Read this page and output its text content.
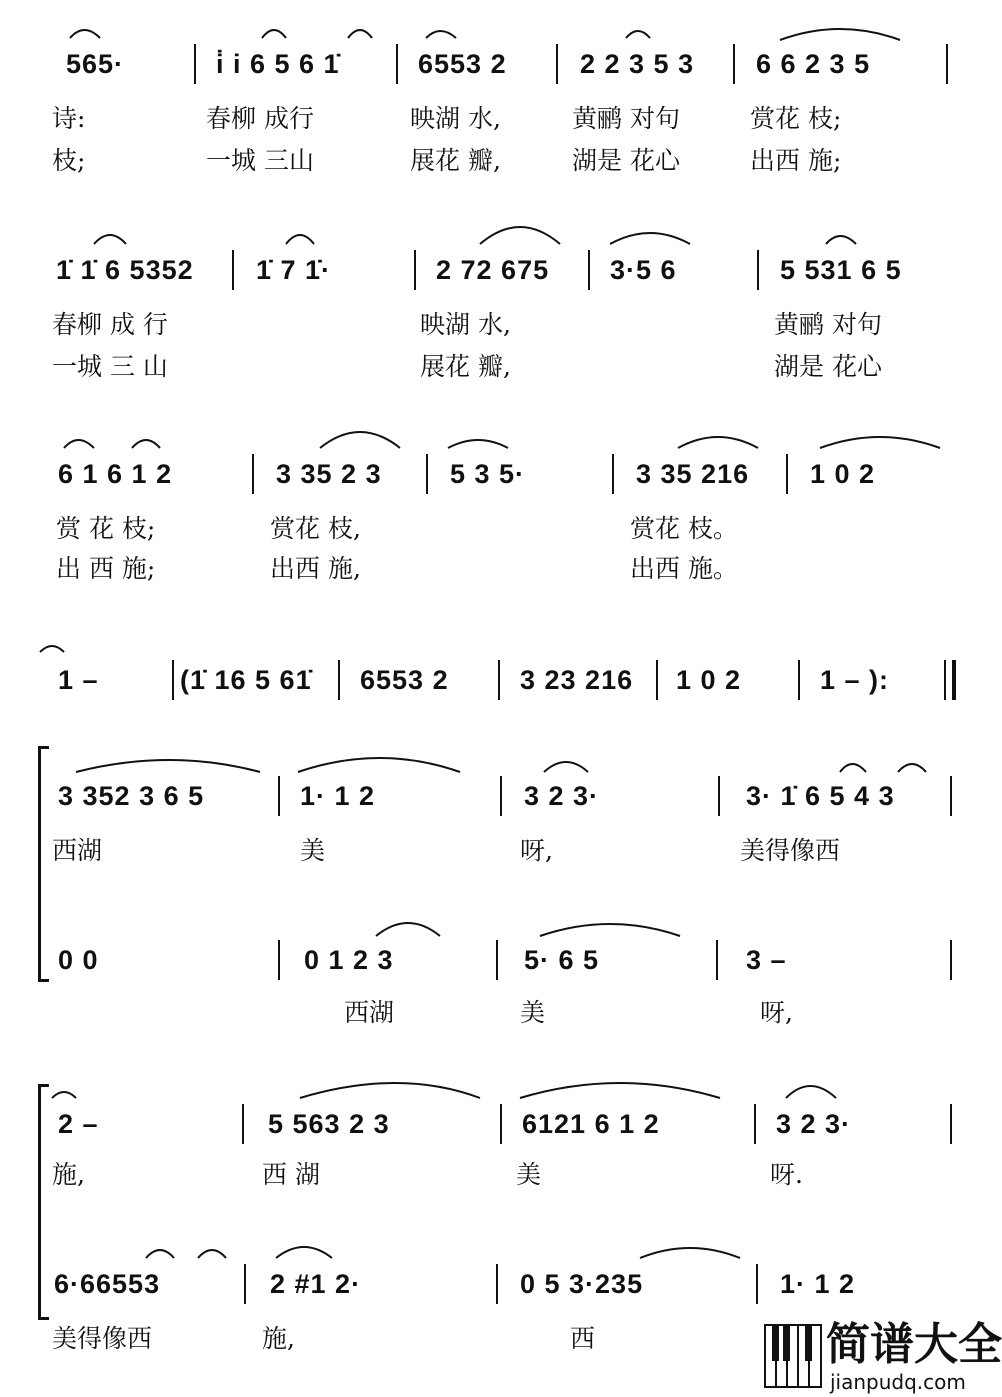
565·	i̇ i 6 5 6 1̇	6553 2	2 2 3 5 3 6 6 2 3 5
诗:	春柳 成行	映湖 水,	黄鹂 对句	赏花 枝;
枝;	一城 三山	展花 瓣,	湖是 花心	出西 施;
1̇ 1̇ 6 5352 1̇ 7 1̇·	2 72 675 3·5 6	5 531 6 5
春柳 成 行	映湖 水,	黄鹂 对句
一城 三 山	展花 瓣,	湖是 花心
6 1 6 1 2	3 35 2 3	5 3 5·	3 35 216 1 0 2
赏 花 枝;	赏花 枝,	赏花 枝。
出 西 施;	出西 施,	出西 施。
1 –	(1̇ 16 5 61̇ 6553 2	3 23 216 1 0 2	1 – ):
3 352 3 6 5	1· 1 2	3 2 3·	3· 1̇ 6 5 4 3
西湖	美	呀,	美得像西
0 0	0 1 2 3	5· 6 5	3 –
西湖	美	呀,
2 –	5 563 2 3	6121 6 1 2	3 2 3·
施,	西 湖	美	呀.
6·66553	2 #1 2·	0 5 3·235	1· 1 2
美得像西	施,	西	简谱大全
jianpudq.com
